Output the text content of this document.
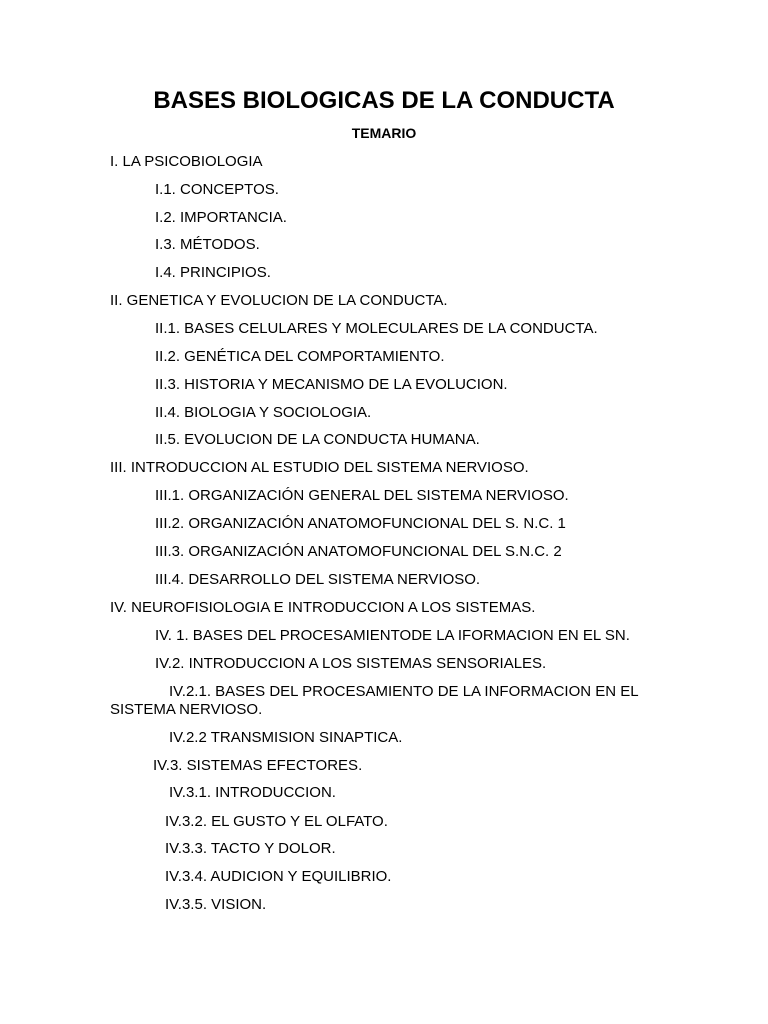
BASES BIOLOGICAS DE LA CONDUCTA
TEMARIO
I. LA PSICOBIOLOGIA
I.1. CONCEPTOS.
I.2. IMPORTANCIA.
I.3. MÉTODOS.
I.4. PRINCIPIOS.
II. GENETICA Y EVOLUCION DE LA CONDUCTA.
II.1. BASES CELULARES Y MOLECULARES DE LA CONDUCTA.
II.2. GENÉTICA DEL COMPORTAMIENTO.
II.3. HISTORIA Y MECANISMO DE LA EVOLUCION.
II.4. BIOLOGIA Y SOCIOLOGIA.
II.5. EVOLUCION DE LA CONDUCTA HUMANA.
III. INTRODUCCION AL ESTUDIO DEL SISTEMA NERVIOSO.
III.1. ORGANIZACIÓN GENERAL DEL SISTEMA NERVIOSO.
III.2. ORGANIZACIÓN ANATOMOFUNCIONAL DEL S. N.C. 1
III.3. ORGANIZACIÓN ANATOMOFUNCIONAL DEL S.N.C. 2
III.4. DESARROLLO DEL SISTEMA NERVIOSO.
IV. NEUROFISIOLOGIA E INTRODUCCION A LOS SISTEMAS.
IV. 1. BASES DEL PROCESAMIENTODE LA IFORMACION EN EL SN.
IV.2. INTRODUCCION A LOS SISTEMAS SENSORIALES.
IV.2.1. BASES DEL PROCESAMIENTO DE LA INFORMACION EN EL
SISTEMA NERVIOSO.
IV.2.2 TRANSMISION SINAPTICA.
IV.3. SISTEMAS EFECTORES.
IV.3.1. INTRODUCCION.
IV.3.2. EL GUSTO Y EL OLFATO.
IV.3.3. TACTO Y DOLOR.
IV.3.4. AUDICION Y EQUILIBRIO.
IV.3.5. VISION.
